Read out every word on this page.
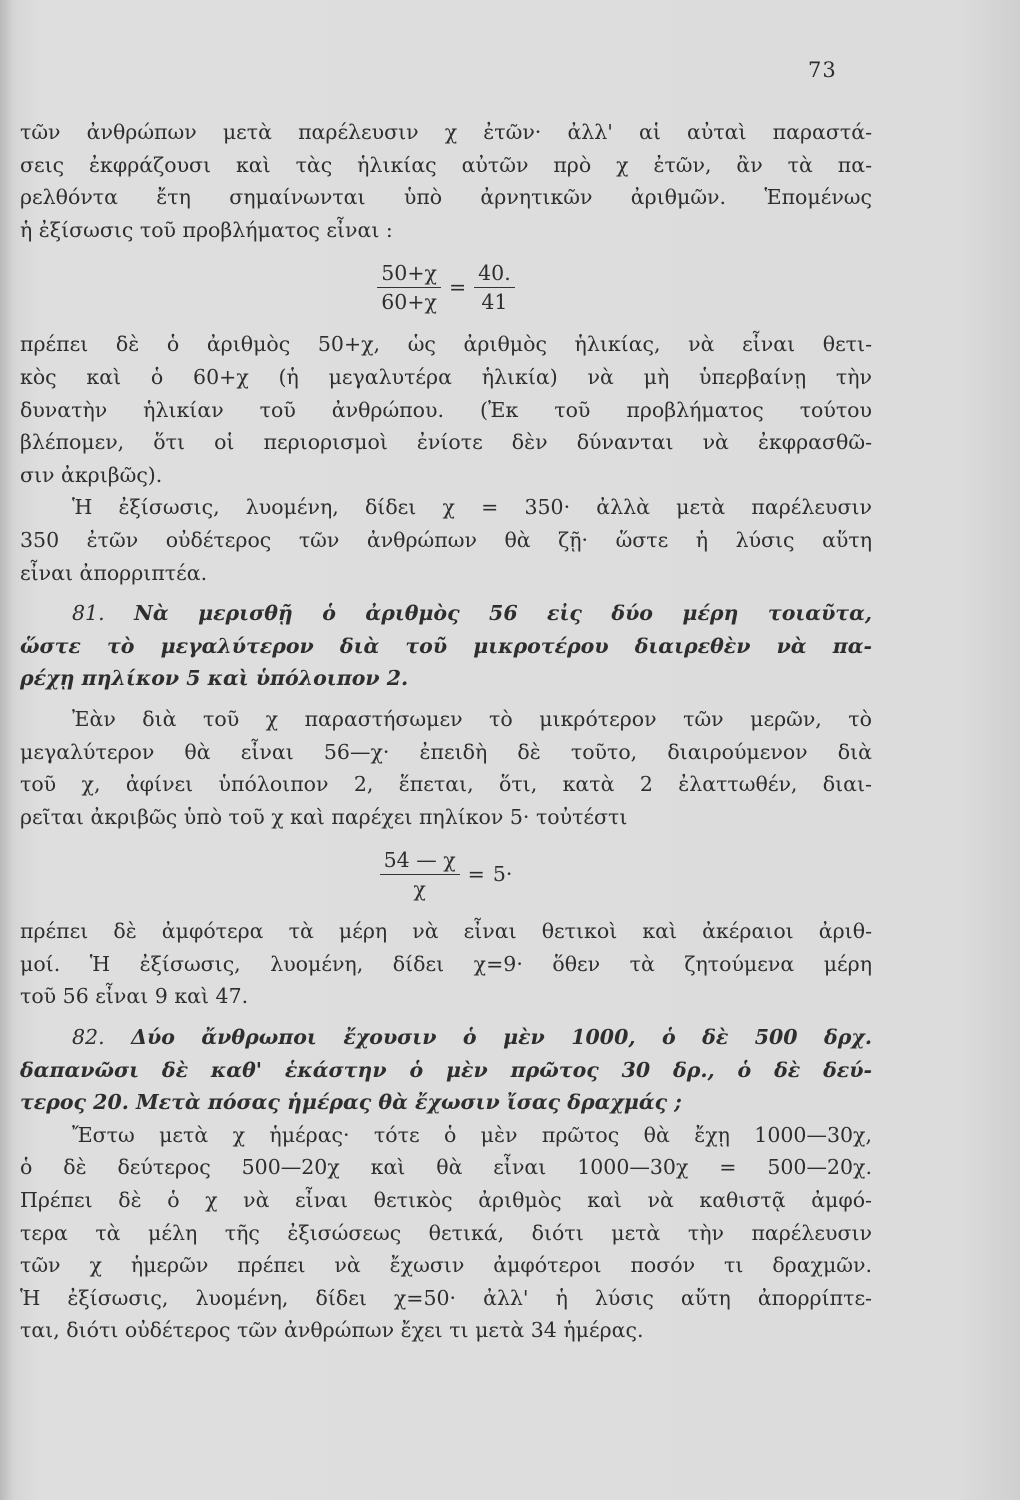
73
τῶν ἀνθρώπων μετὰ παρέλευσιν χ ἐτῶν· ἀλλ' αἱ αὐταὶ παραστά-
σεις ἐκφράζουσι καὶ τὰς ἡλικίας αὐτῶν πρὸ χ ἐτῶν, ἂν τὰ πα-
ρελθόντα ἔτη σημαίνωνται ὑπὸ ἀρνητικῶν ἀριθμῶν. Ἑπομένως
ἡ ἐξίσωσις τοῦ προβλήματος εἶναι :
$\frac{50+\chi}{60+\chi} = \frac{40.}{41}$
πρέπει δὲ ὁ ἀριθμὸς 50+χ, ὡς ἀριθμὸς ἡλικίας, νὰ εἶναι θετι-
κὸς καὶ ὁ 60+χ (ἡ μεγαλυτέρα ἡλικία) νὰ μὴ ὑπερβαίνῃ τὴν
δυνατὴν ἡλικίαν τοῦ ἀνθρώπου. (Ἐκ τοῦ προβλήματος τούτου
βλέπομεν, ὅτι οἱ περιορισμοὶ ἐνίοτε δὲν δύνανται νὰ ἐκφρασθῶ-
σιν ἀκριβῶς).
Ἡ ἐξίσωσις, λυομένη, δίδει χ = 350· ἀλλὰ μετὰ παρέλευσιν
350 ἐτῶν οὐδέτερος τῶν ἀνθρώπων θὰ ζῇ· ὥστε ἡ λύσις αὕτη
εἶναι ἀπορριπτέα.
81. Νὰ μερισθῇ ὁ ἀριθμὸς 56 εἰς δύο μέρη τοιαῦτα,
ὥστε τὸ μεγαλύτερον διὰ τοῦ μικροτέρου διαιρεθὲν νὰ πα-
ρέχῃ πηλίκον 5 καὶ ὑπόλοιπον 2.
Ἐὰν διὰ τοῦ χ παραστήσωμεν τὸ μικρότερον τῶν μερῶν, τὸ
μεγαλύτερον θὰ εἶναι 56—χ· ἐπειδὴ δὲ τοῦτο, διαιρούμενον διὰ
τοῦ χ, ἀφίνει ὑπόλοιπον 2, ἕπεται, ὅτι, κατὰ 2 ἐλαττωθέν, διαι-
ρεῖται ἀκριβῶς ὑπὸ τοῦ χ καὶ παρέχει πηλίκον 5· τοὐτέστι
$\frac{54 — \chi}{\chi} = 5\cdot$
πρέπει δὲ ἀμφότερα τὰ μέρη νὰ εἶναι θετικοὶ καὶ ἀκέραιοι ἀριθ-
μοί. Ἡ ἐξίσωσις, λυομένη, δίδει χ=9· ὅθεν τὰ ζητούμενα μέρη
τοῦ 56 εἶναι 9 καὶ 47.
82. Δύο ἄνθρωποι ἔχουσιν ὁ μὲν 1000, ὁ δὲ 500 δρχ.
δαπανῶσι δὲ καθ' ἑκάστην ὁ μὲν πρῶτος 30 δρ., ὁ δὲ δεύ-
τερος 20. Μετὰ πόσας ἡμέρας θὰ ἔχωσιν ἴσας δραχμάς ;
Ἔστω μετὰ χ ἡμέρας· τότε ὁ μὲν πρῶτος θὰ ἔχῃ 1000—30χ,
ὁ δὲ δεύτερος 500—20χ καὶ θὰ εἶναι 1000—30χ = 500—20χ.
Πρέπει δὲ ὁ χ νὰ εἶναι θετικὸς ἀριθμὸς καὶ νὰ καθιστᾷ ἀμφό-
τερα τὰ μέλη τῆς ἐξισώσεως θετικά, διότι μετὰ τὴν παρέλευσιν
τῶν χ ἡμερῶν πρέπει νὰ ἔχωσιν ἀμφότεροι ποσόν τι δραχμῶν.
Ἡ ἐξίσωσις, λυομένη, δίδει χ=50· ἀλλ' ἡ λύσις αὕτη ἀπορρίπτε-
ται, διότι οὐδέτερος τῶν ἀνθρώπων ἔχει τι μετὰ 34 ἡμέρας.
